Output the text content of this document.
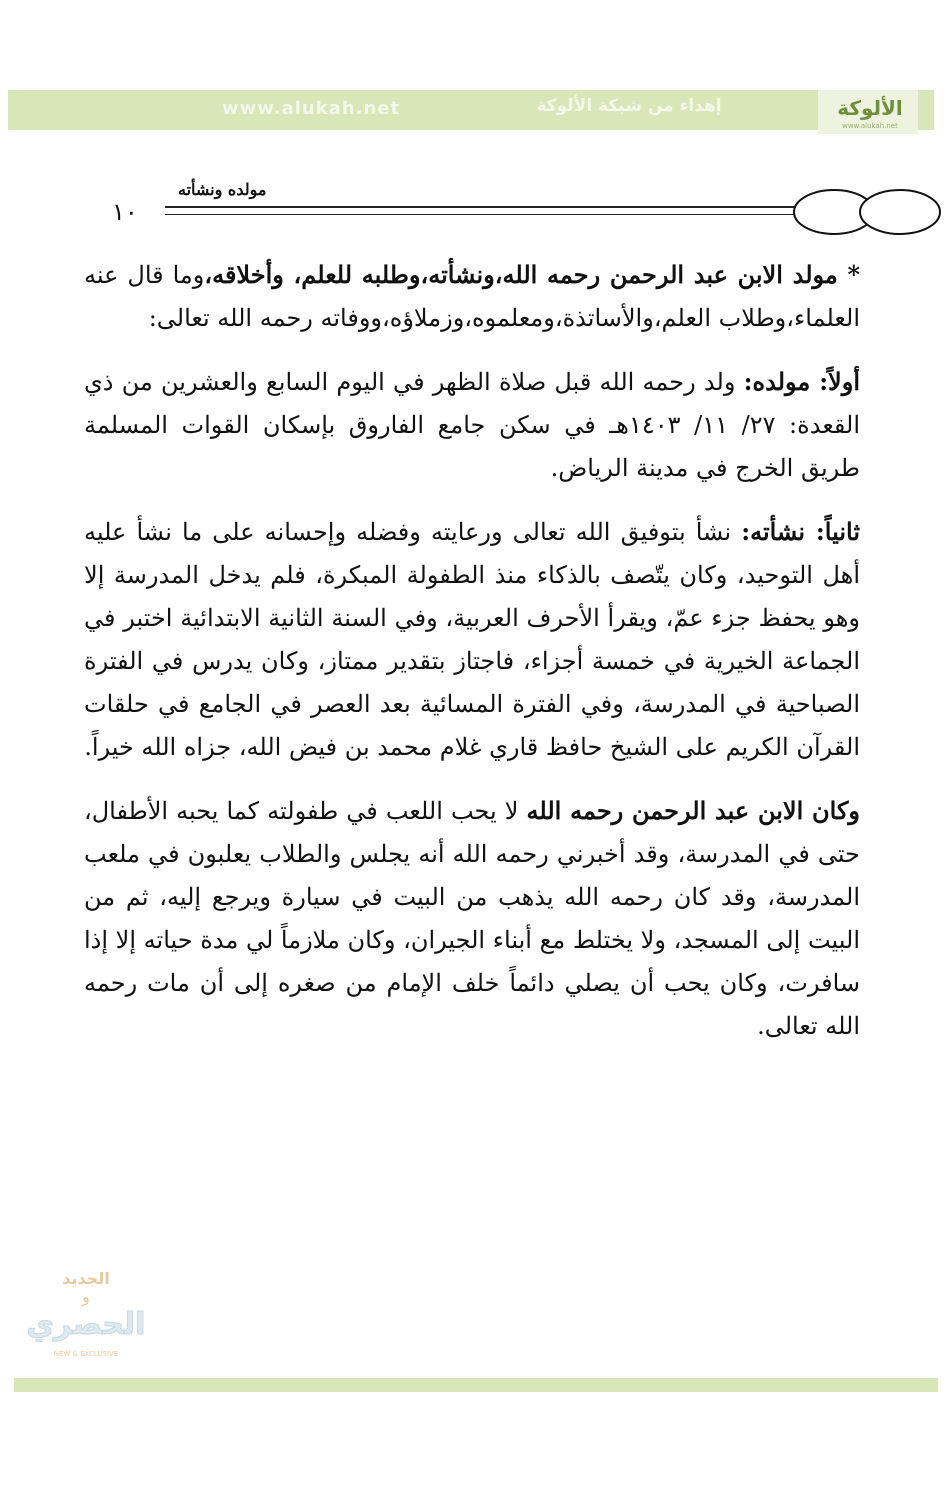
www.alukah.net	إهداء من شبكة الألوكة	الألوكة
www.alukah.net
مولده ونشأته
١٠

* مولد الابن عبد الرحمن رحمه الله،ونشأته،وطلبه للعلم، وأخلاقه،وما قال عنه العلماء،وطلاب العلم،والأساتذة،ومعلموه،وزملاؤه،ووفاته رحمه الله تعالى:

أولاً: مولده: ولد رحمه الله قبل صلاة الظهر في اليوم السابع والعشرين من ذي القعدة: ٢٧/ ١١/ ١٤٠٣هـ في سكن جامع الفاروق بإسكان القوات المسلمة طريق الخرج في مدينة الرياض.

ثانياً: نشأته: نشأ بتوفيق الله تعالى ورعايته وفضله وإحسانه على ما نشأ عليه أهل التوحيد، وكان يتّصف بالذكاء منذ الطفولة المبكرة، فلم يدخل المدرسة إلا وهو يحفظ جزء عمّ، ويقرأ الأحرف العربية، وفي السنة الثانية الابتدائية اختبر في الجماعة الخيرية في خمسة أجزاء، فاجتاز بتقدير ممتاز، وكان يدرس في الفترة الصباحية في المدرسة، وفي الفترة المسائية بعد العصر في الجامع في حلقات القرآن الكريم على الشيخ حافظ قاري غلام محمد بن فيض الله، جزاه الله خيراً.

وكان الابن عبد الرحمن رحمه الله لا يحب اللعب في طفولته كما يحبه الأطفال، حتى في المدرسة، وقد أخبرني رحمه الله أنه يجلس والطلاب يعلبون في ملعب المدرسة، وقد كان رحمه الله يذهب من البيت في سيارة ويرجع إليه، ثم من البيت إلى المسجد، ولا يختلط مع أبناء الجيران، وكان ملازماً لي مدة حياته إلا إذا سافرت، وكان يحب أن يصلي دائماً خلف الإمام من صغره إلى أن مات رحمه الله تعالى.

الجديد
و
الحصري
NEW & EXCLUSIVE
